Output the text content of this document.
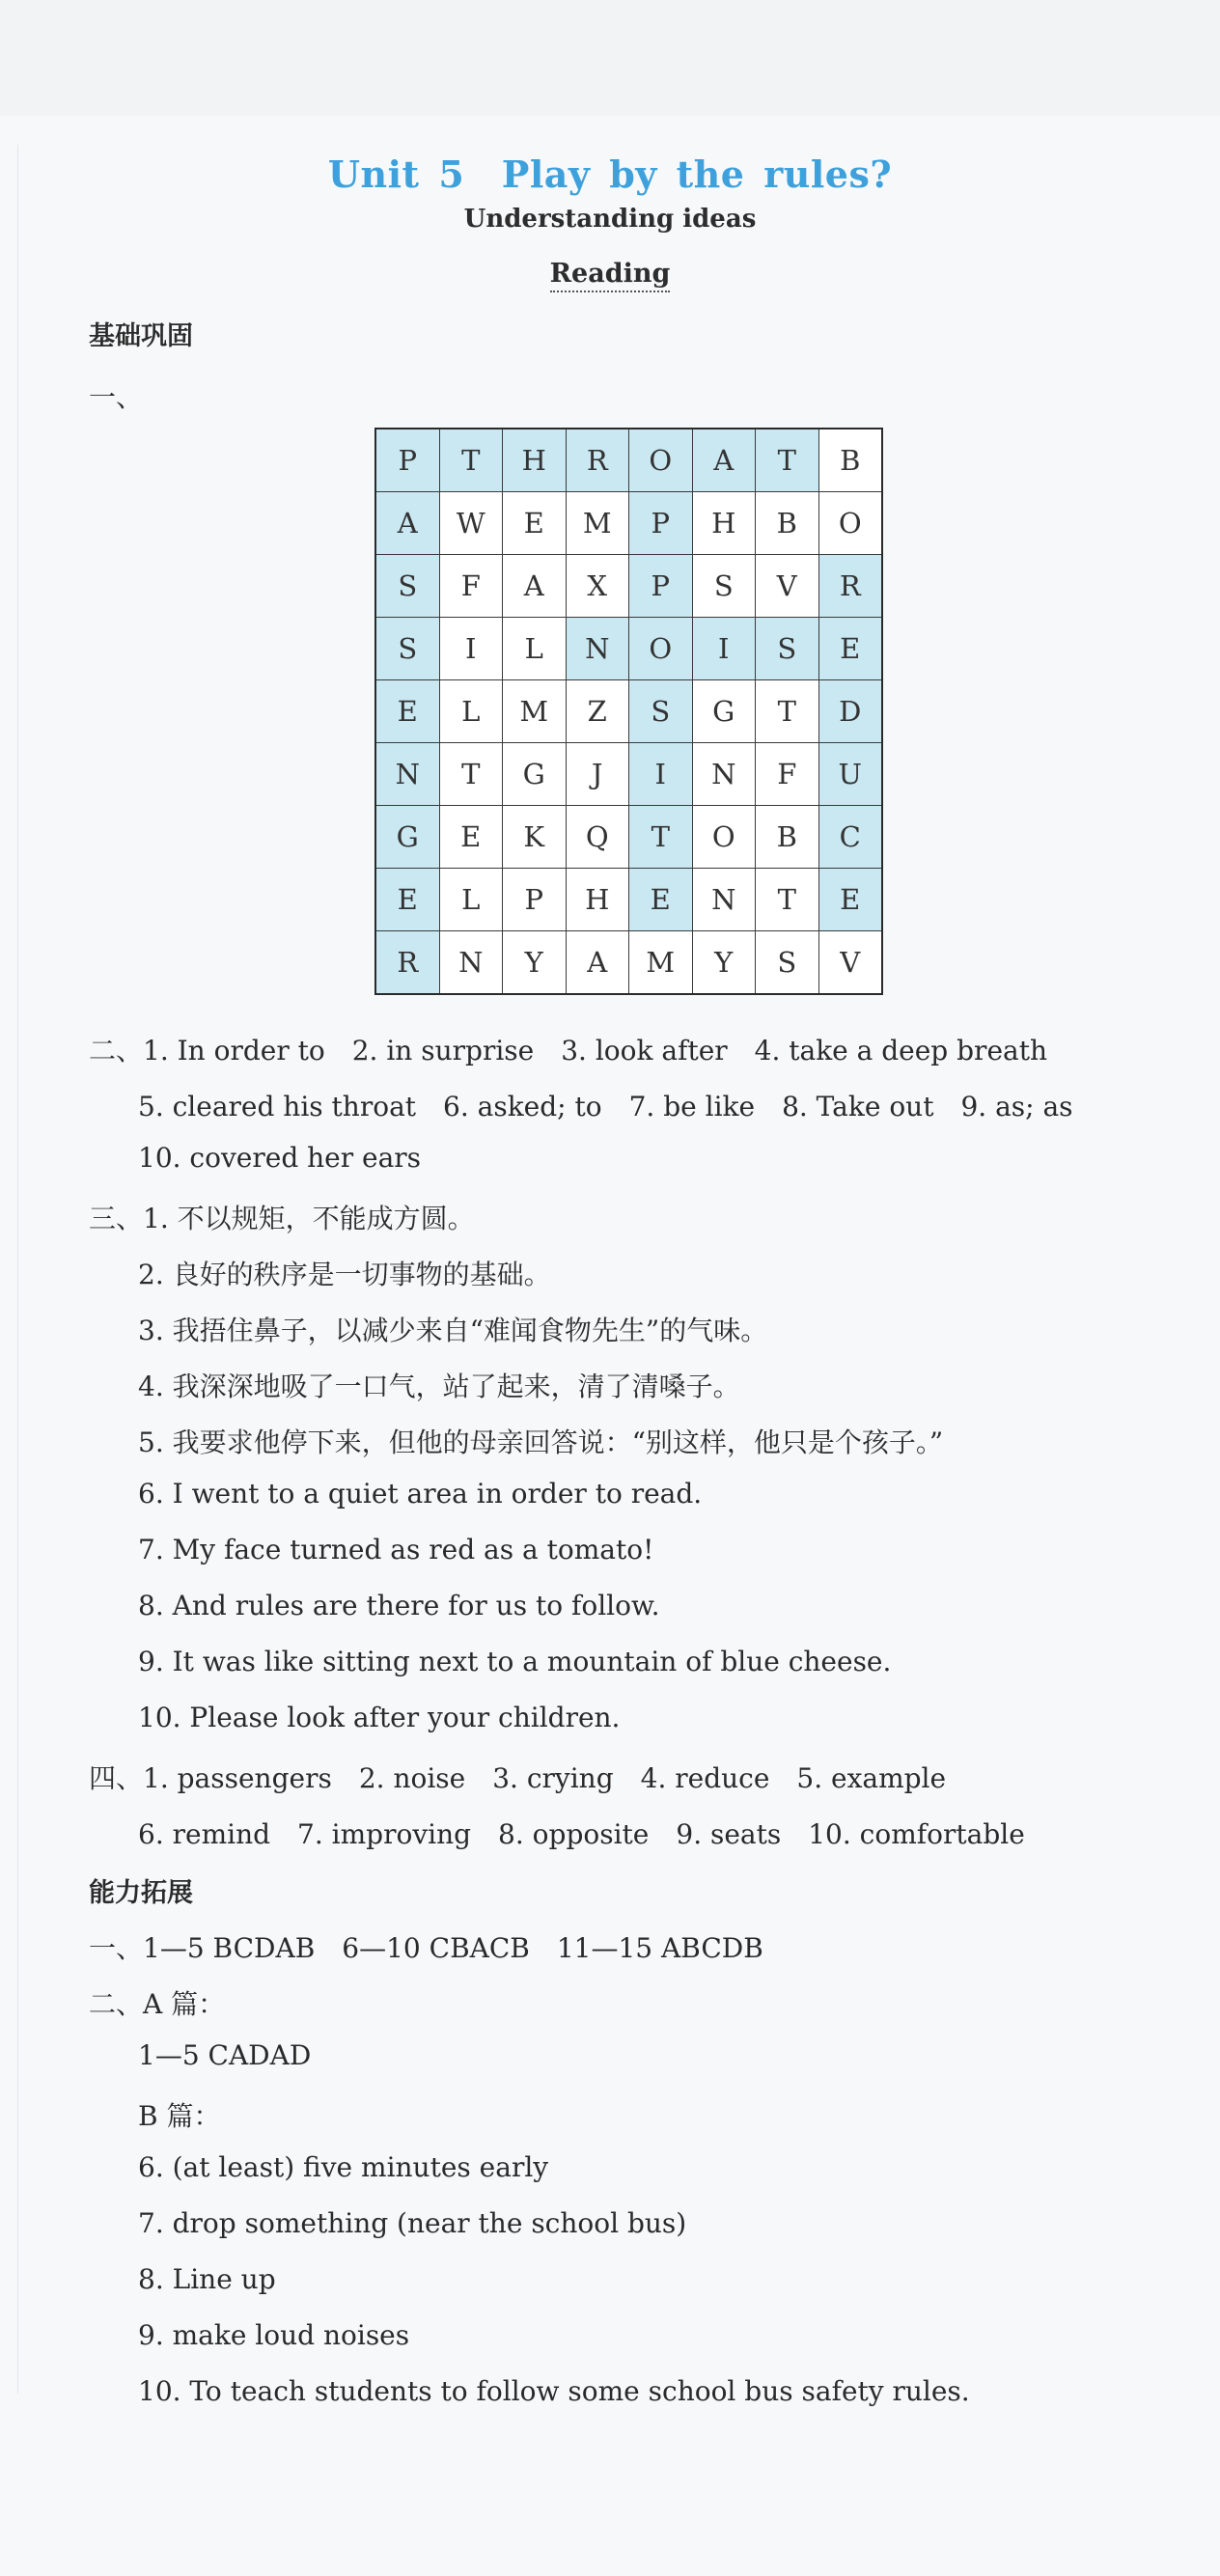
Unit 5　Play by the rules?
Understanding ideas
Reading
基础巩固
一、
P	T	H	R	O	A	T	B
A	W	E	M	P	H	B	O
S	F	A	X	P	S	V	R
S	I	L	N	O	I	S	E
E	L	M	Z	S	G	T	D
N	T	G	J	I	N	F	U
G	E	K	Q	T	O	B	C
E	L	P	H	E	N	T	E
R	N	Y	A	M	Y	S	V
二、1. In order to　2. in surprise　3. look after　4. take a deep breath
5. cleared his throat　6. asked; to　7. be like　8. Take out　9. as; as
10. covered her ears
三、1. 不以规矩，不能成方圆。
2. 良好的秩序是一切事物的基础。
3. 我捂住鼻子，以减少来自“难闻食物先生”的气味。
4. 我深深地吸了一口气，站了起来，清了清嗓子。
5. 我要求他停下来，但他的母亲回答说：“别这样，他只是个孩子。”
6. I went to a quiet area in order to read.
7. My face turned as red as a tomato!
8. And rules are there for us to follow.
9. It was like sitting next to a mountain of blue cheese.
10. Please look after your children.
四、1. passengers　2. noise　3. crying　4. reduce　5. example
6. remind　7. improving　8. opposite　9. seats　10. comfortable
能力拓展
一、1—5 BCDAB　6—10 CBACB　11—15 ABCDB
二、A 篇：
1—5 CADAD
B 篇：
6. (at least) five minutes early
7. drop something (near the school bus)
8. Line up
9. make loud noises
10. To teach students to follow some school bus safety rules.
